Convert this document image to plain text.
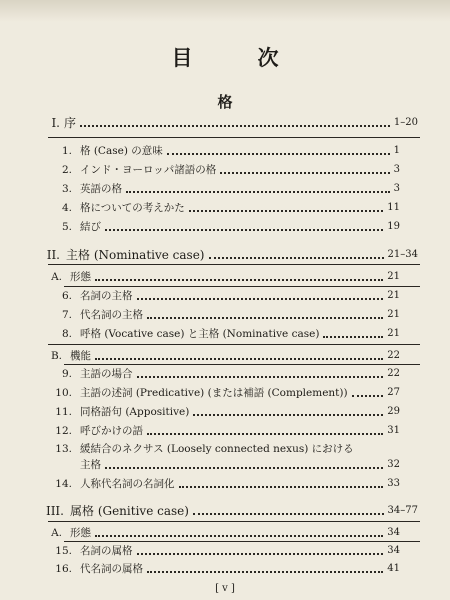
目　次
格
I. 序	1–20
1. 格 (Case) の意味	1
2. インド・ヨーロッパ諸語の格	3
3. 英語の格	3
4. 格についての考えかた	11
5. 結び	19
II. 主格 (Nominative case)	21–34
A. 形態	21
6. 名詞の主格	21
7. 代名詞の主格	21
8. 呼格 (Vocative case) と主格 (Nominative case)	21
B. 機能	22
9. 主語の場合	22
10. 主語の述詞 (Predicative) (または補語 (Complement))	27
11. 同格語句 (Appositive)	29
12. 呼びかけの語	31
13. 緩結合のネクサス (Loosely connected nexus) における
主格	32
14. 人称代名詞の名詞化	33
III. 属格 (Genitive case)	34–77
A. 形態	34
15. 名詞の属格	34
16. 代名詞の属格	41
[ v ]
